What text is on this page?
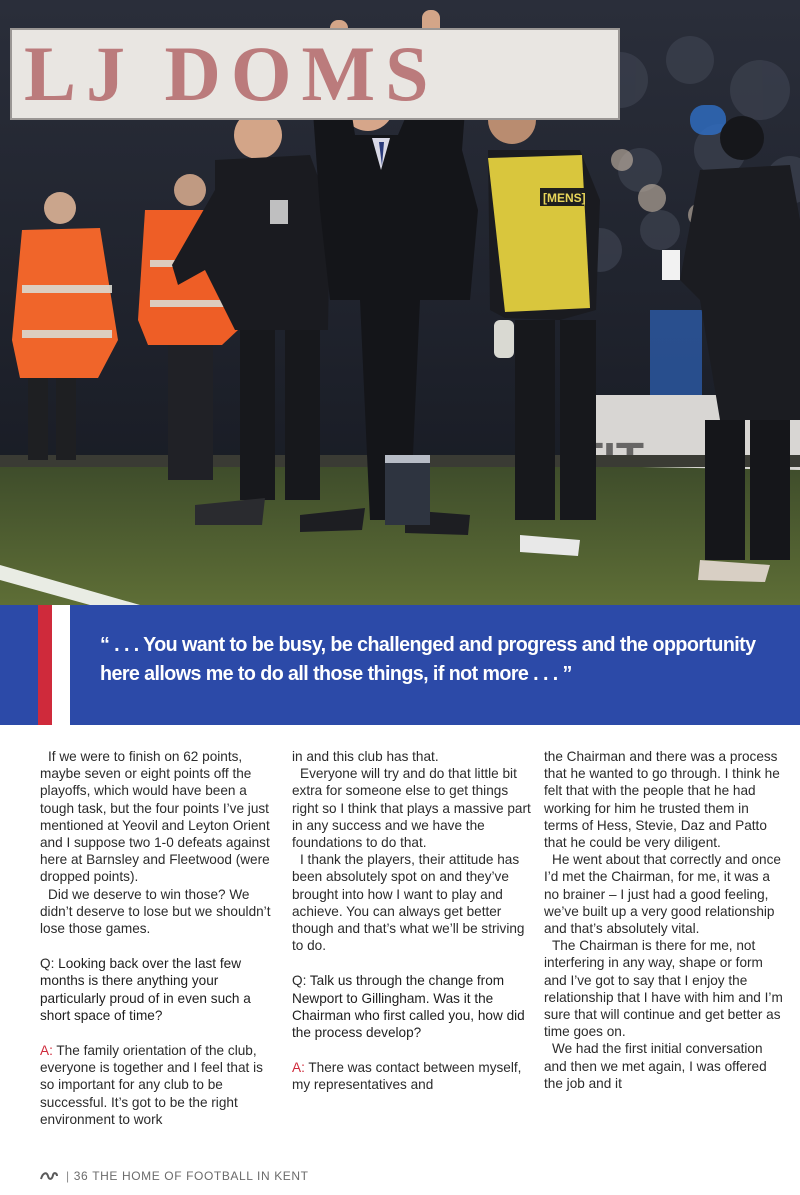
[MENS]
LJ DOMS
“ . . . You want to be busy, be challenged and progress and the opportunity here allows me to do all those things, if not more . . . ”

If we were to finish on 62 points, maybe seven or eight points off the playoffs, which would have been a tough task, but the four points I’ve just mentioned at Yeovil and Leyton Orient and I suppose two 1-0 defeats against here at Barnsley and Fleetwood (were dropped points).

Did we deserve to win those? We didn’t deserve to lose but we shouldn’t lose those games.

Q: Looking back over the last few months is there anything your particularly proud of in even such a short space of time?

A: The family orientation of the club, everyone is together and I feel that is so important for any club to be successful. It’s got to be the right environment to work

in and this club has that.

Everyone will try and do that little bit extra for someone else to get things right so I think that plays a massive part in any success and we have the foundations to do that.

I thank the players, their attitude has been absolutely spot on and they’ve brought into how I want to play and achieve. You can always get better though and that’s what we’ll be striving to do.

Q: Talk us through the change from Newport to Gillingham. Was it the Chairman who first called you, how did the process develop?

A: There was contact between myself, my representatives and

the Chairman and there was a process that he wanted to go through. I think he felt that with the people that he had working for him he trusted them in terms of Hess, Stevie, Daz and Patto that he could be very diligent.

He went about that correctly and once I’d met the Chairman, for me, it was a no brainer – I just had a good feeling, we’ve built up a very good relationship and that’s absolutely vital.

The Chairman is there for me, not interfering in any way, shape or form and I’ve got to say that I enjoy the relationship that I have with him and I’m sure that will continue and get better as time goes on.

We had the first initial conversation and then we met again, I was offered the job and it

| 36
THE HOME OF FOOTBALL IN KENT
